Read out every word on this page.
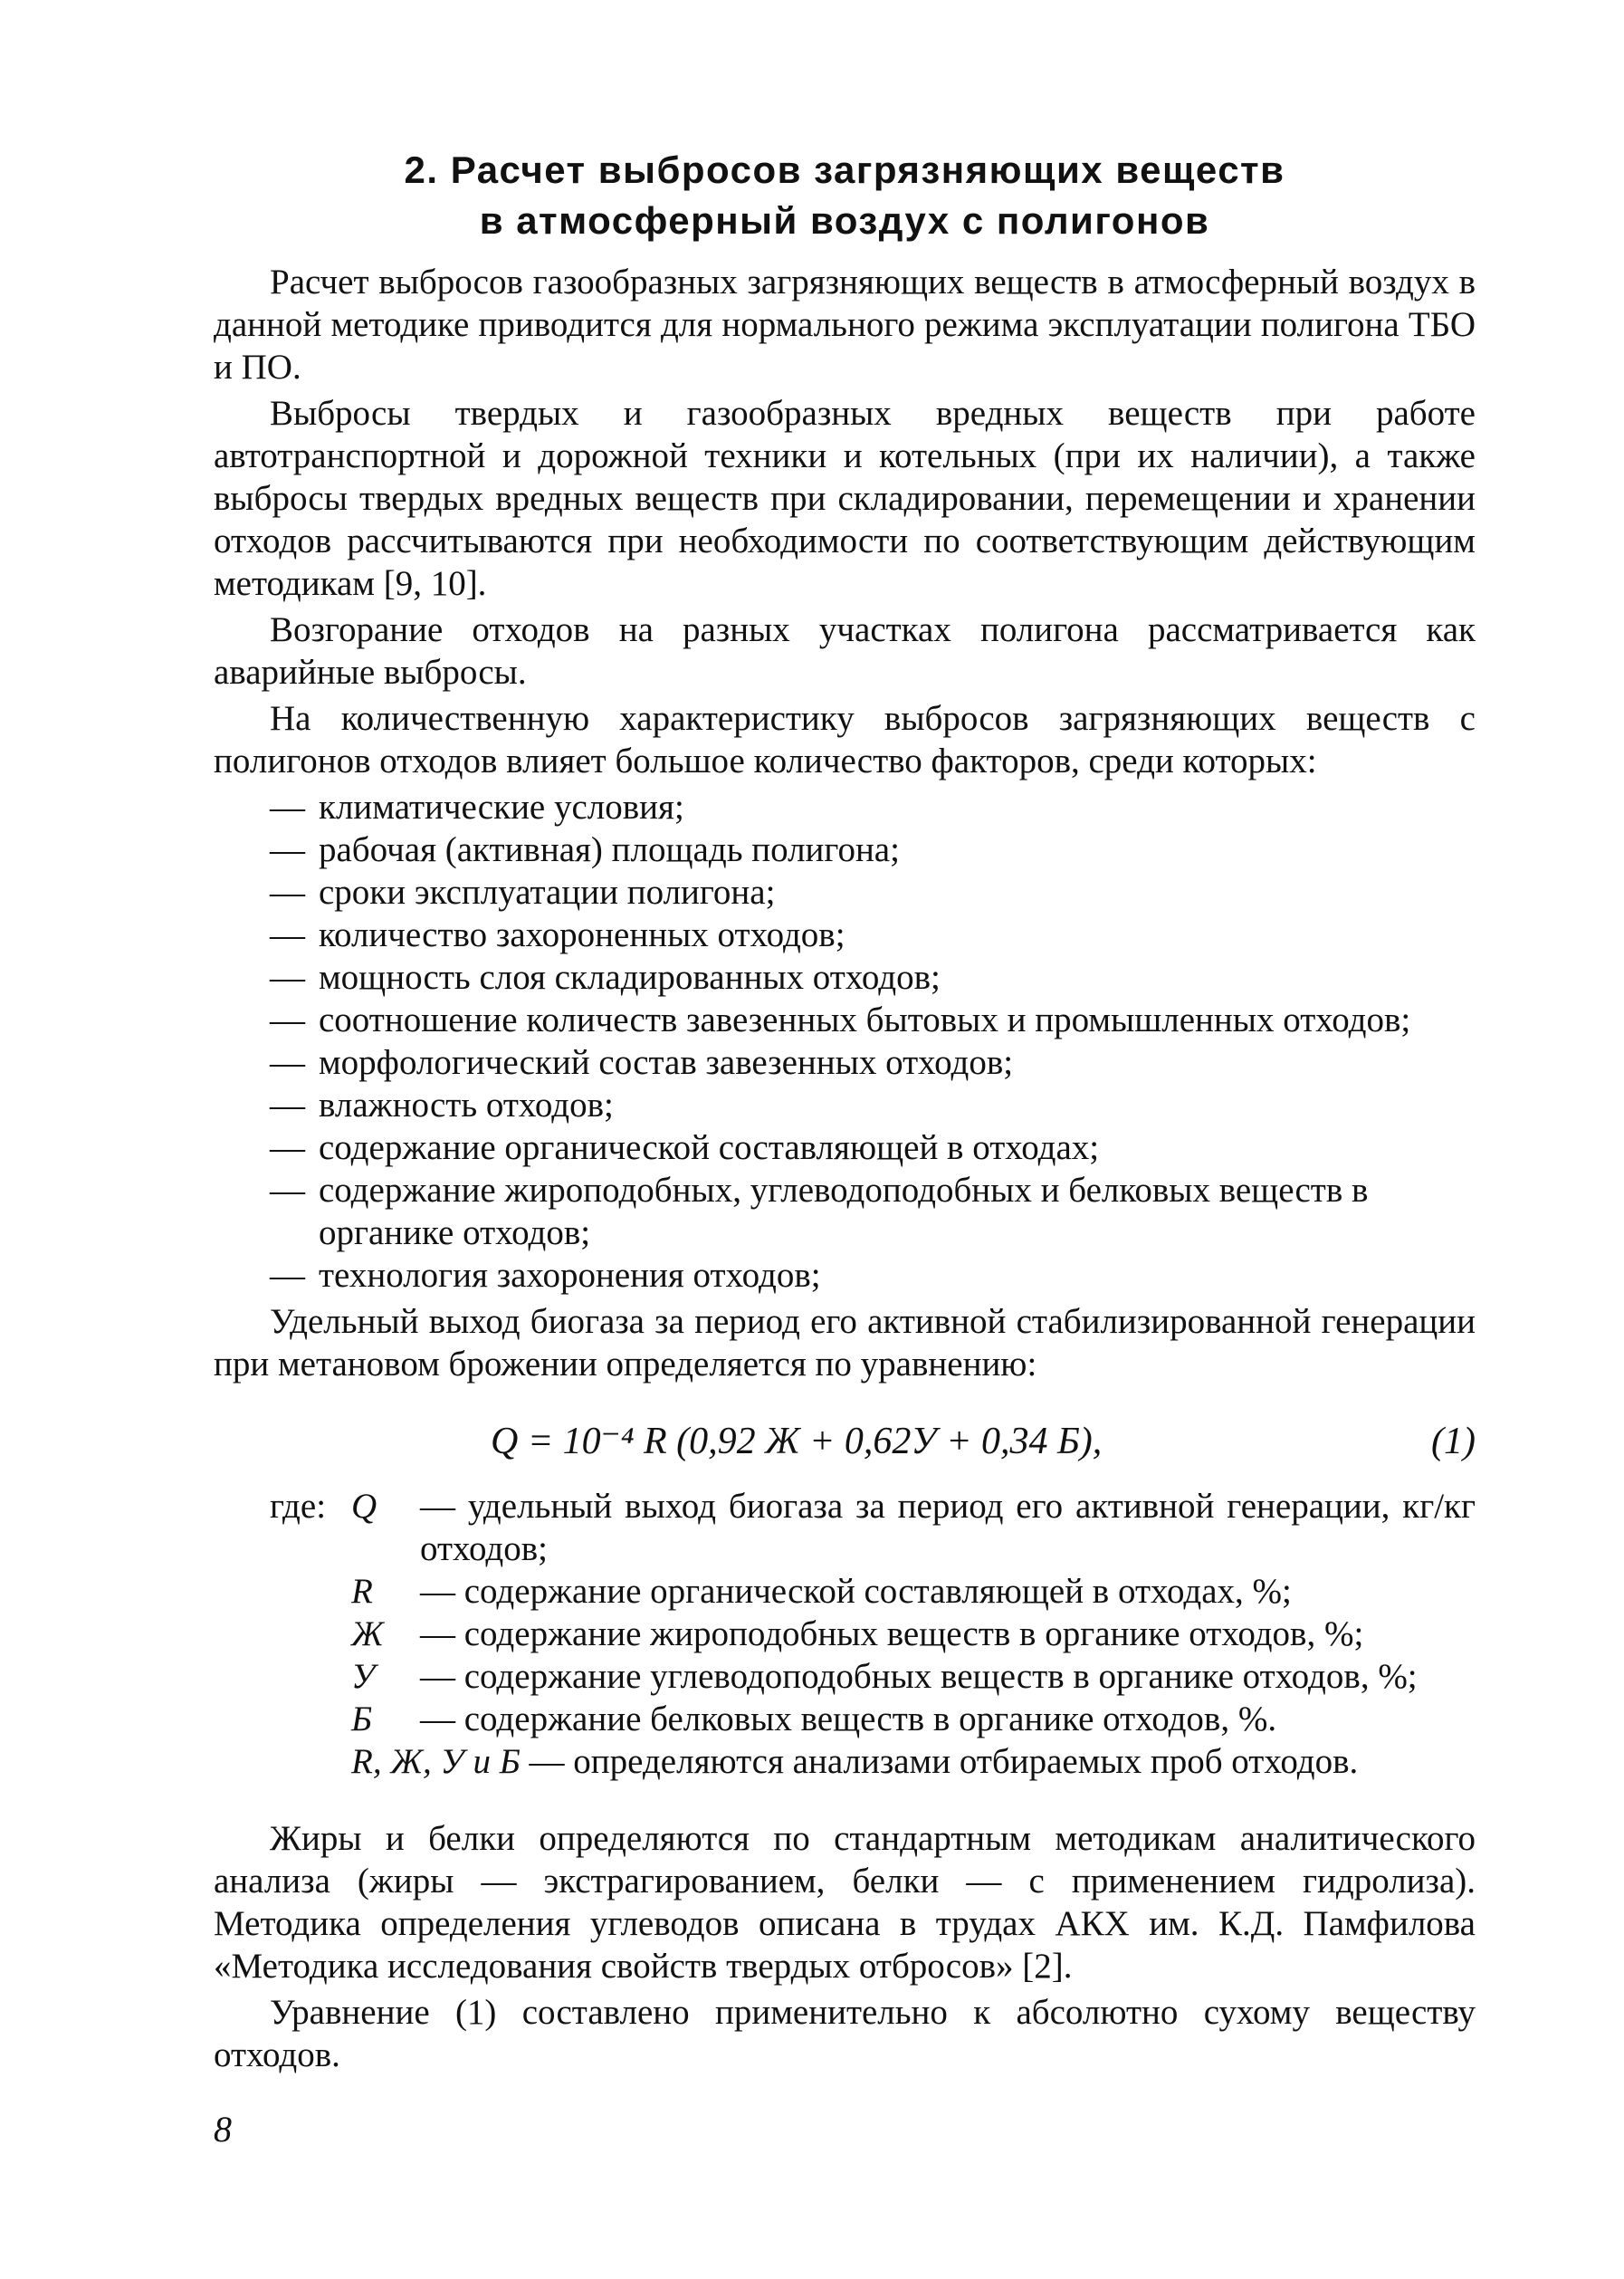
2. Расчет выбросов загрязняющих веществ
в атмосферный воздух с полигонов

Расчет выбросов газообразных загрязняющих веществ в атмосферный воздух в данной методике приводится для нормального режима эксплуатации полигона ТБО и ПО.

Выбросы твердых и газообразных вредных веществ при работе автотранспортной и дорожной техники и котельных (при их наличии), а также выбросы твердых вредных веществ при складировании, перемещении и хранении отходов рассчитываются при необходимости по соответствующим действующим методикам [9, 10].

Возгорание отходов на разных участках полигона рассматривается как аварийные выбросы.

На количественную характеристику выбросов загрязняющих веществ с полигонов отходов влияет большое количество факторов, среди которых:

— климатические условия;
— рабочая (активная) площадь полигона;
— сроки эксплуатации полигона;
— количество захороненных отходов;
— мощность слоя складированных отходов;
— соотношение количеств завезенных бытовых и промышленных отходов;
— морфологический состав завезенных отходов;
— влажность отходов;
— содержание органической составляющей в отходах;
— содержание жироподобных, углеводоподобных и белковых веществ в органике отходов;
— технология захоронения отходов;

Удельный выход биогаза за период его активной стабилизированной генерации при метановом брожении определяется по уравнению:

Q = 10⁻⁴ R (0,92 Ж + 0,62У + 0,34 Б),	(1)
где: Q — удельный выход биогаза за период его активной генерации, кг/кг отходов;
R — содержание органической составляющей в отходах, %;
Ж — содержание жироподобных веществ в органике отходов, %;
У — содержание углеводоподобных веществ в органике отходов, %;
Б — содержание белковых веществ в органике отходов, %.
R, Ж, У и Б — определяются анализами отбираемых проб отходов.

Жиры и белки определяются по стандартным методикам аналитического анализа (жиры — экстрагированием, белки — с применением гидролиза). Методика определения углеводов описана в трудах АКХ им. К.Д. Памфилова «Методика исследования свойств твердых отбросов» [2].

Уравнение (1) составлено применительно к абсолютно сухому веществу отходов.

8
